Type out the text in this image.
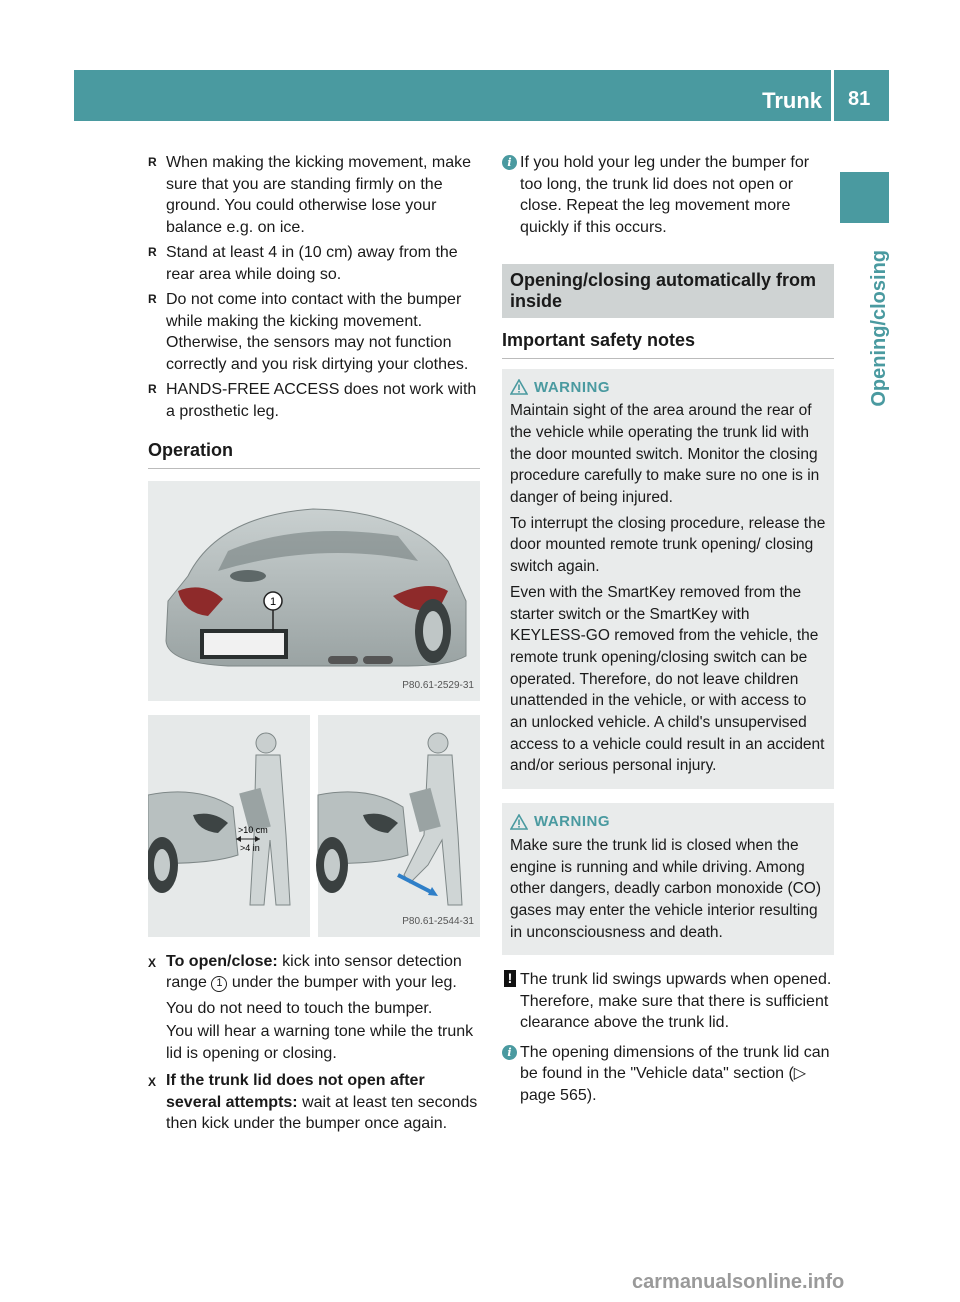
Trunk 81
Opening/closing
R When making the kicking movement, make sure that you are standing firmly on the ground. You could otherwise lose your balance e.g. on ice.
R Stand at least 4 in (10 cm) away from the rear area while doing so.
R Do not come into contact with the bumper while making the kicking movement. Otherwise, the sensors may not function correctly and you risk dirtying your clothes.
R HANDS-FREE ACCESS does not work with a prosthetic leg.
Operation
1
P80.61-2529-31
>10 cm
>4 in
P80.61-2544-31
X To open/close: kick into sensor detection range 1 under the bumper with your leg.
You do not need to touch the bumper.
You will hear a warning tone while the trunk lid is opening or closing.
X If the trunk lid does not open after several attempts: wait at least ten seconds then kick under the bumper once again.
i If you hold your leg under the bumper for too long, the trunk lid does not open or close. Repeat the leg movement more quickly if this occurs.
Opening/closing automatically from inside
Important safety notes
WARNING

Maintain sight of the area around the rear of the vehicle while operating the trunk lid with the door mounted switch. Monitor the closing procedure carefully to make sure no one is in danger of being injured.

To interrupt the closing procedure, release the door mounted remote trunk opening/ closing switch again.

Even with the SmartKey removed from the starter switch or the SmartKey with KEYLESS-GO removed from the vehicle, the remote trunk opening/closing switch can be operated. Therefore, do not leave children unattended in the vehicle, or with access to an unlocked vehicle. A child's unsupervised access to a vehicle could result in an accident and/or serious personal injury.

WARNING

Make sure the trunk lid is closed when the engine is running and while driving. Among other dangers, deadly carbon monoxide (CO) gases may enter the vehicle interior resulting in unconsciousness and death.

! The trunk lid swings upwards when opened. Therefore, make sure that there is sufficient clearance above the trunk lid.
i The opening dimensions of the trunk lid can be found in the "Vehicle data" section (▷ page 565).
carmanualsonline.info
